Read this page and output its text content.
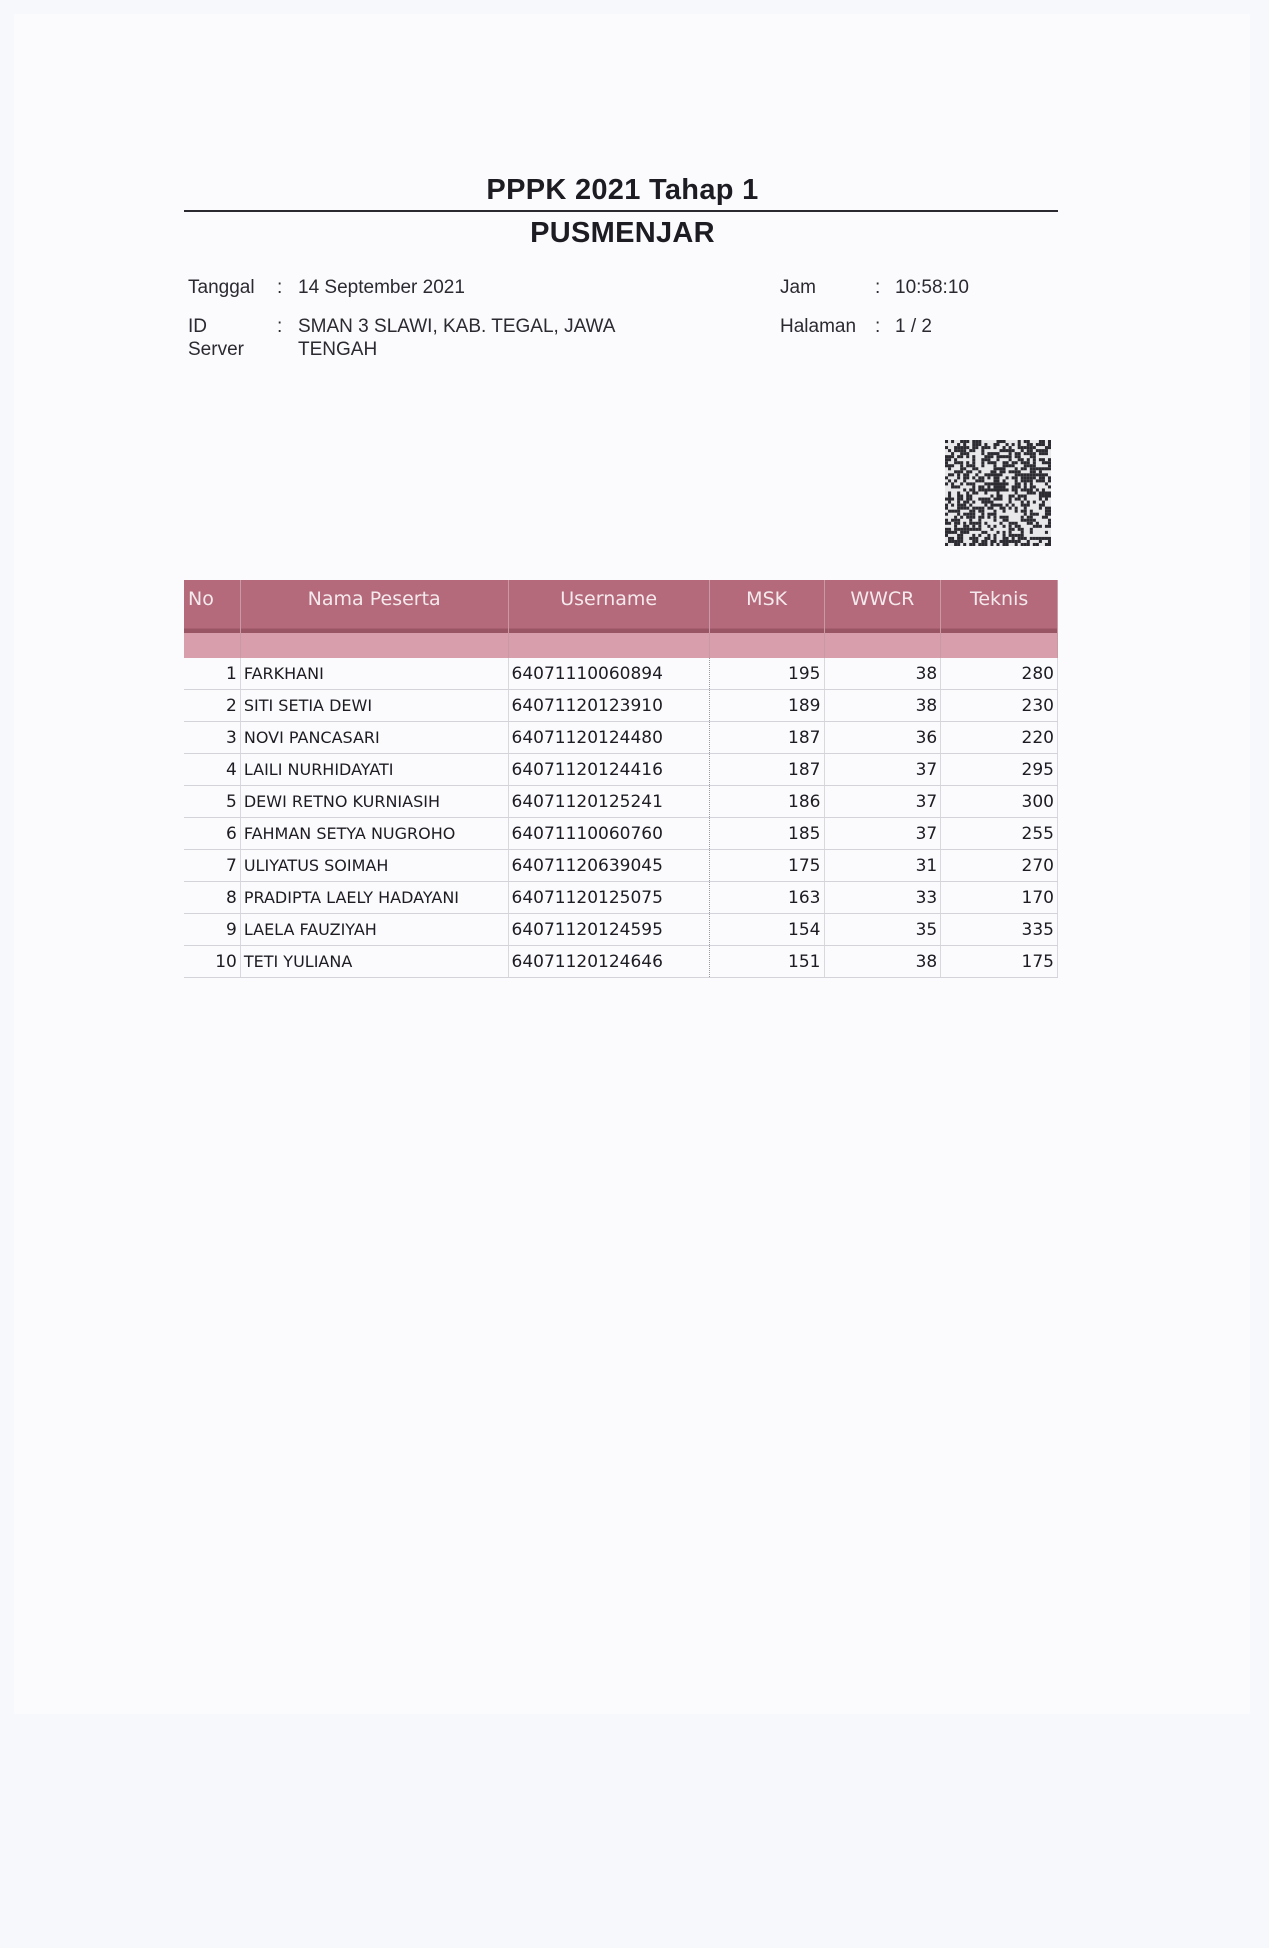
PPPK 2021 Tahap 1
PUSMENJAR
Tanggal	: 14 September 2021
ID Server
: SMAN 3 SLAWI, KAB. TEGAL, JAWA TENGAH
Jam	: 10:58:10
Halaman : 1 / 2
No	Nama Peserta	Username	MSK	WWCR	Teknis
1	FARKHANI	64071110060894	195	38	280
2	SITI SETIA DEWI	64071120123910	189	38	230
3	NOVI PANCASARI	64071120124480	187	36	220
4	LAILI NURHIDAYATI	64071120124416	187	37	295
5	DEWI RETNO KURNIASIH	64071120125241	186	37	300
6	FAHMAN SETYA NUGROHO	64071110060760	185	37	255
7	ULIYATUS SOIMAH	64071120639045	175	31	270
8	PRADIPTA LAELY HADAYANI	64071120125075	163	33	170
9	LAELA FAUZIYAH	64071120124595	154	35	335
10	TETI YULIANA	64071120124646	151	38	175
